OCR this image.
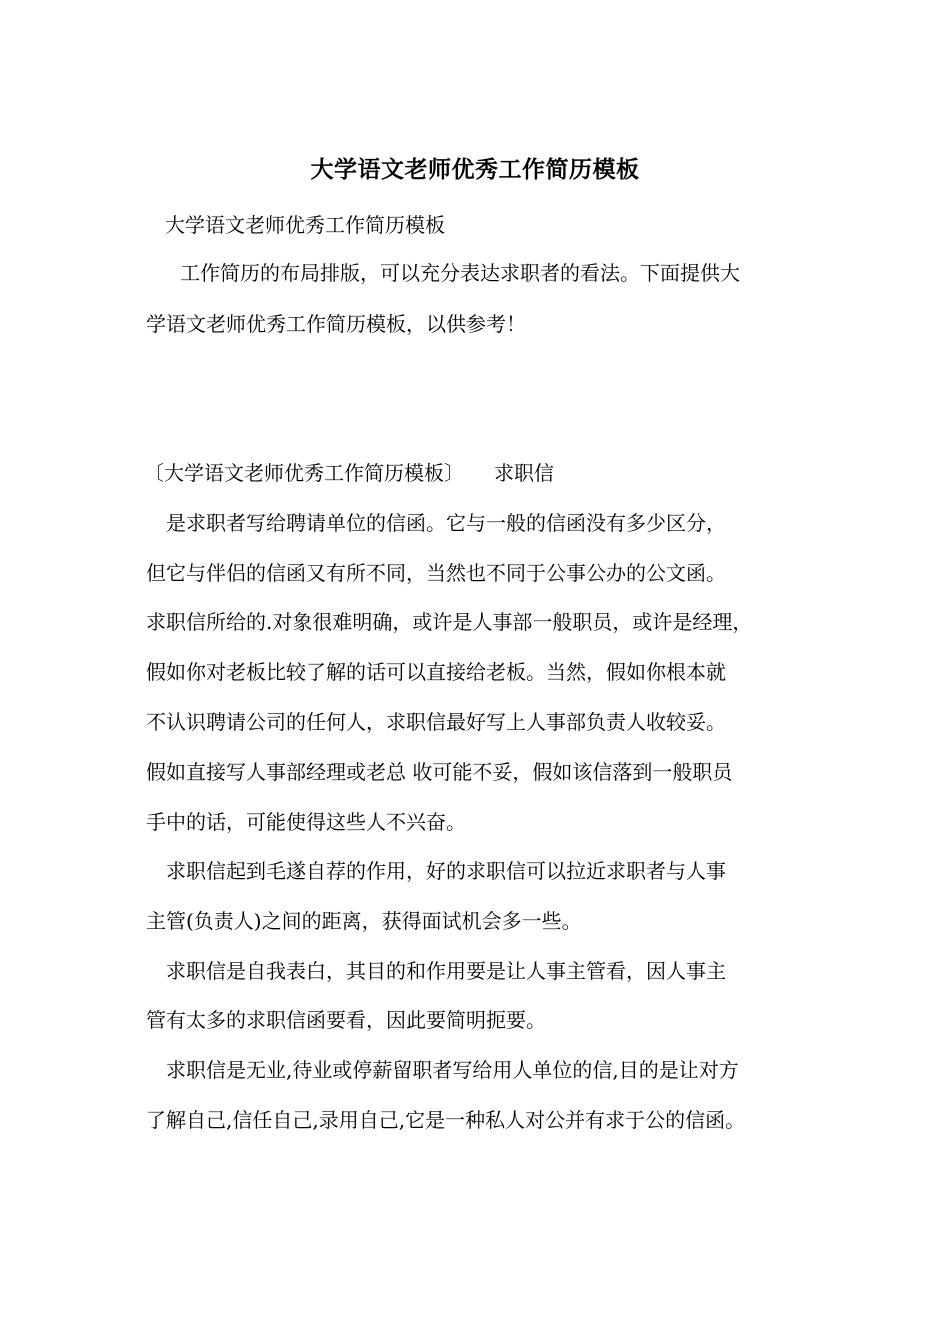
大学语文老师优秀工作简历模板
大学语文老师优秀工作简历模板
工作简历的布局排版，可以充分表达求职者的看法。下面提供大
学语文老师优秀工作简历模板，以供参考！
〔大学语文老师优秀工作简历模板〕　　求职信
是求职者写给聘请单位的信函。它与一般的信函没有多少区分，
但它与伴侣的信函又有所不同，当然也不同于公事公办的公文函。
求职信所给的.对象很难明确，或许是人事部一般职员，或许是经理，
假如你对老板比较了解的话可以直接给老板。当然，假如你根本就
不认识聘请公司的任何人，求职信最好写上人事部负责人收较妥。
假如直接写人事部经理或老总 收可能不妥，假如该信落到一般职员
手中的话，可能使得这些人不兴奋。
求职信起到毛遂自荐的作用，好的求职信可以拉近求职者与人事
主管(负责人)之间的距离，获得面试机会多一些。
求职信是自我表白，其目的和作用要是让人事主管看，因人事主
管有太多的求职信函要看，因此要简明扼要。
求职信是无业,待业或停薪留职者写给用人单位的信,目的是让对方
了解自己,信任自己,录用自己,它是一种私人对公并有求于公的信函。
